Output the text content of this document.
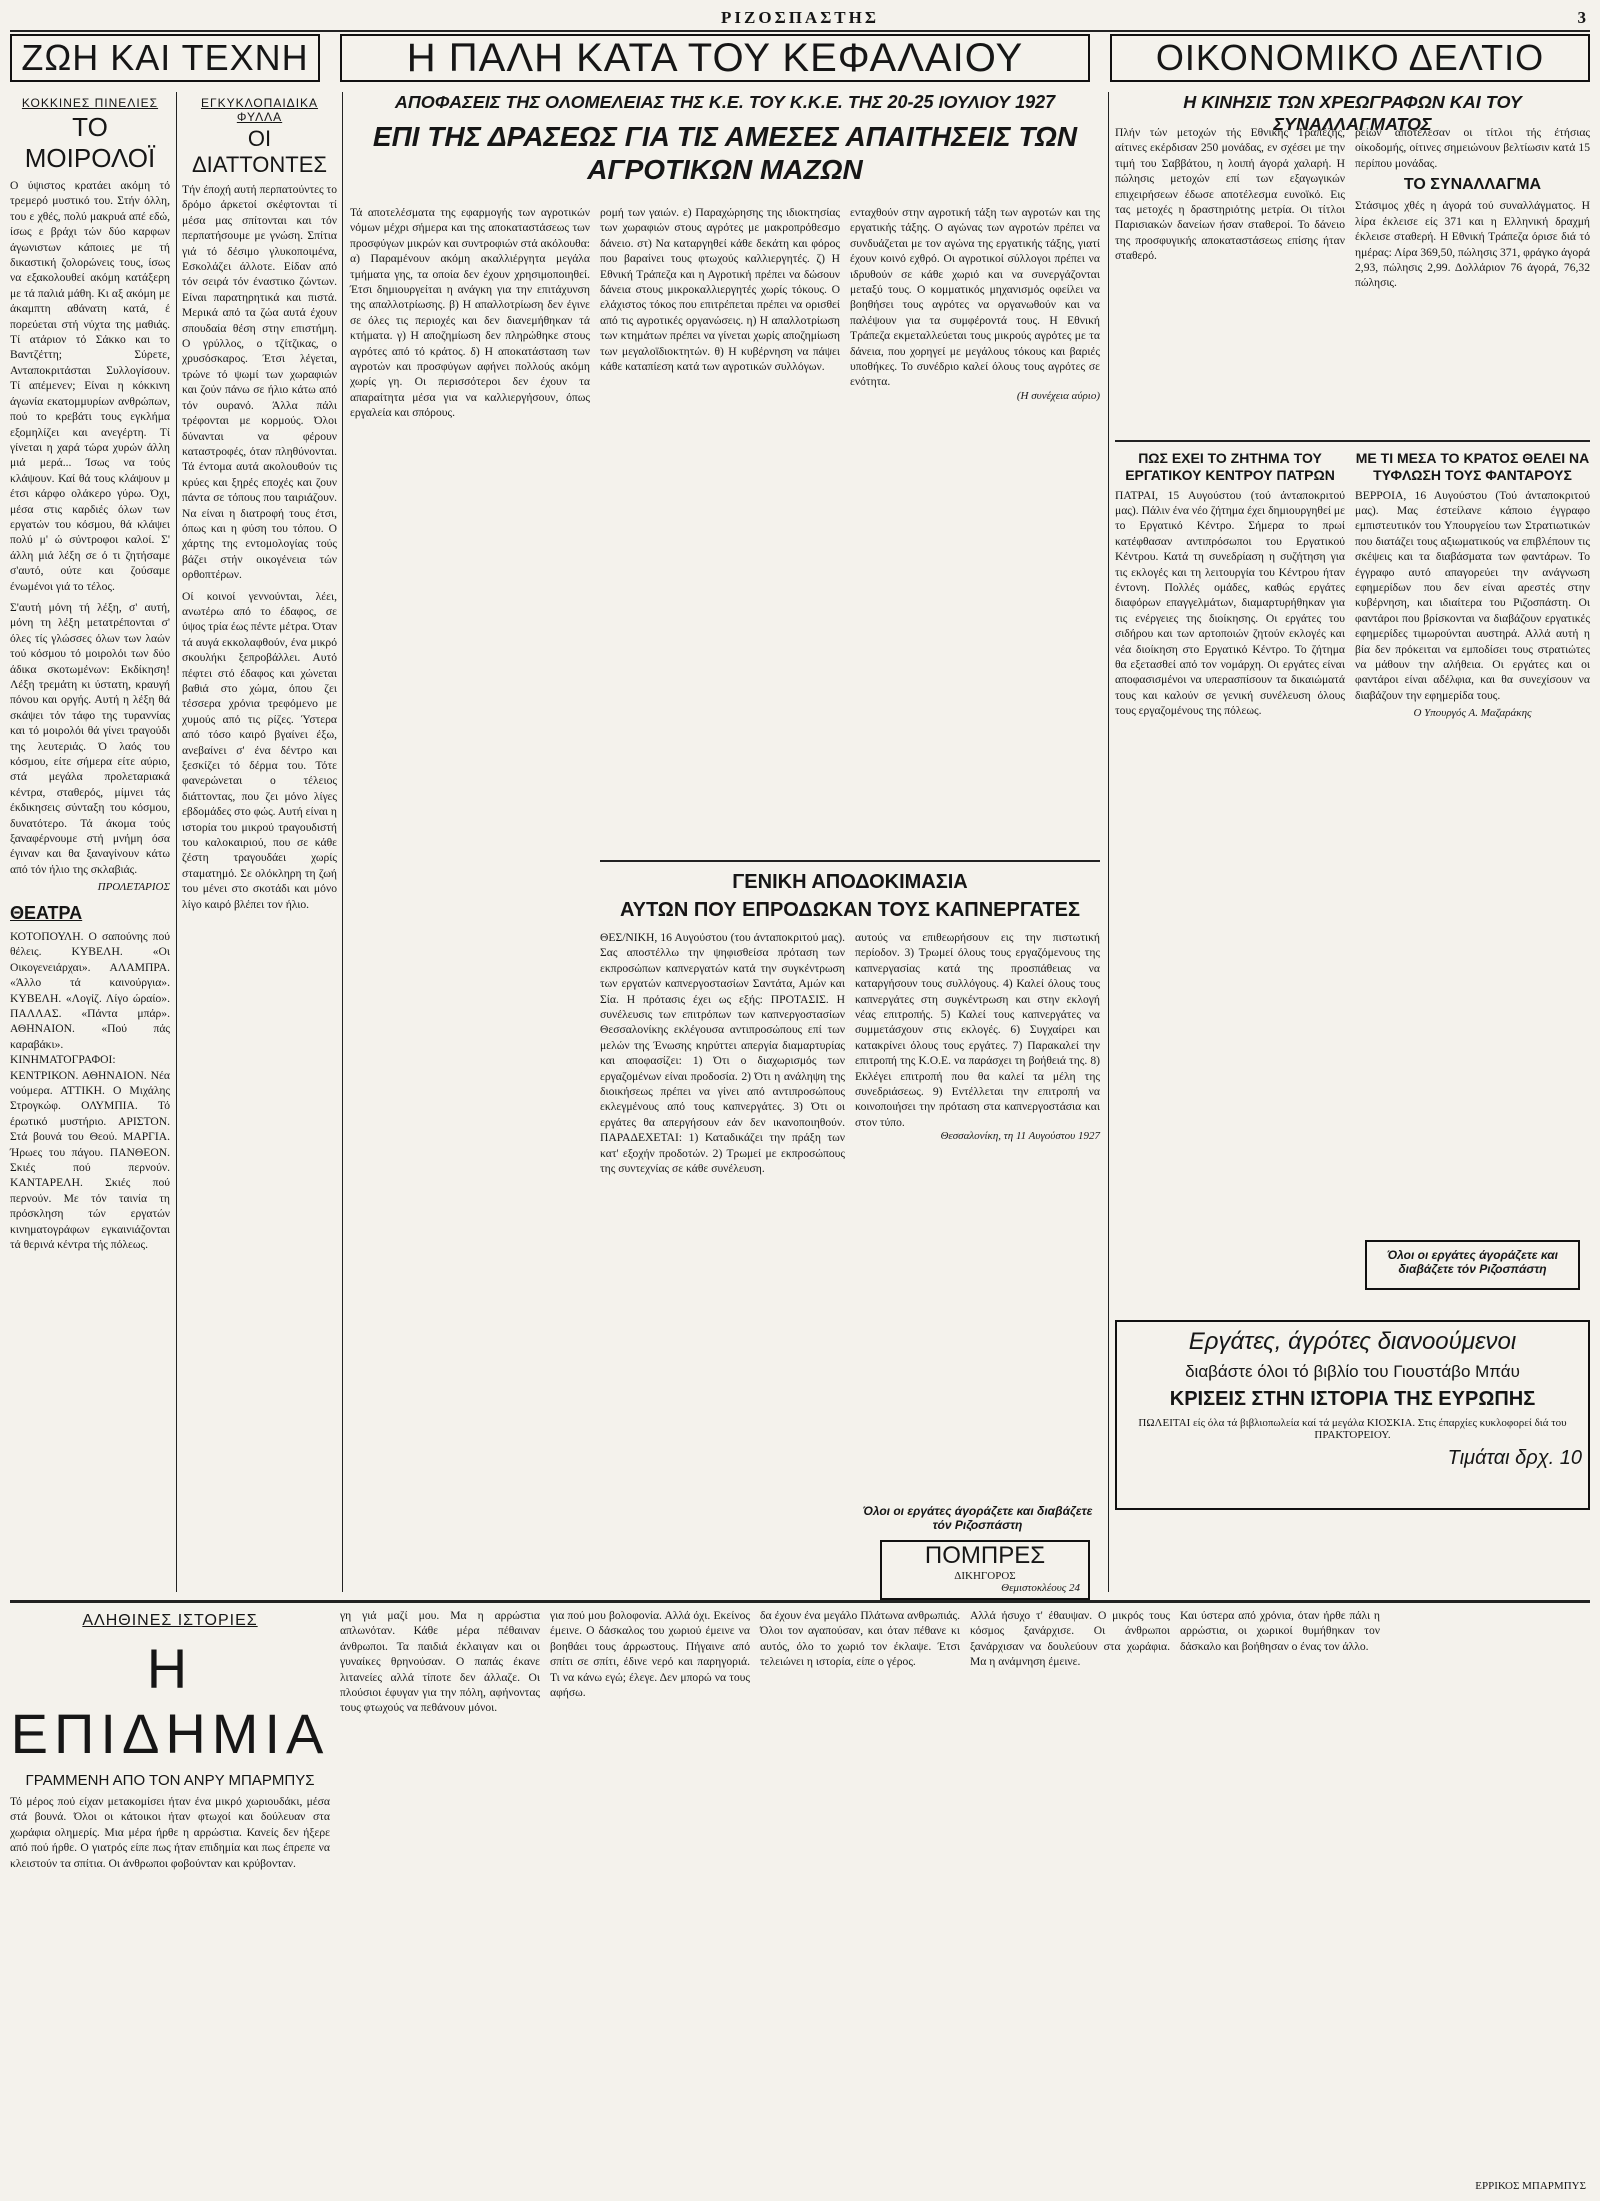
ΡΙΖΟΣΠΑΣΤΗΣ	3
ΖΩΗ ΚΑΙ ΤΕΧΝΗ	Η ΠΑΛΗ ΚΑΤΑ ΤΟΥ ΚΕΦΑΛΑΙΟΥ	ΟΙΚΟΝΟΜΙΚΟ ΔΕΛΤΙΟ
ΚΟΚΚΙΝΕΣ ΠΙΝΕΛΙΕΣ
ΤΟ ΜΟΙΡΟΛΟΪ
Ο ύψιστος κρατάει ακόμη τό τρεμερό μυστικό του. Στήν όλλη, του ε χθές, πολύ μακρυά απέ εδώ, ίσως ε βράχι τών δύο καρφων άγωνιστων κάποιες με τή δικαστική ζολορώνεις τους, ίσως να εξακολουθεί ακόμη κατάξερη με τά παλιά μάθη. Κι αξ ακόμη με άκαμπτη αθάνατη κατά, έ πορεύεται στή νύχτα της μαθιάς. Τί ατάριον τό Σάκκο και το Βαντζέττη; Σύρετε, Ανταποκριτάσται Συλλογίσουν. Τί απέμενεν; Είναι η κόκκινη άγωνία εκατομμυρίων ανθρώπων, πού το κρεβάτι τους εγκλήμα εξομηλίζει και ανεγέρτη. Τί γίνεται η χαρά τώρα χυρών άλλη μιά μερά... Ίσως να τούς κλάψουν. Καί θά τους κλάψουν μ έτσι κάρφο ολάκερο γύρω. Όχι, μέσα στις καρδιές όλων των εργατών του κόσμου, θά κλάψει πολύ μ' ώ σύντροφοι καλοί. Σ' άλλη μιά λέξη σε ό τι ζητήσαμε σ'αυτό, ούτε και ζούσαμε ένωμένοι γιά το τέλος.
Σ'αυτή μόνη τή λέξη, σ' αυτή, μόνη τη λέξη μετατρέπονται σ' όλες τίς γλώσσες όλων των λαών τού κόσμου τό μοιρολόι των δύο άδικα σκοτωμένων: Εκδίκηση! Λέξη τρεμάτη κι ύστατη, κραυγή πόνου και οργής. Αυτή η λέξη θά σκάψει τόν τάφο της τυραννίας και τό μοιρολόι θά γίνει τραγούδι της λευτεριάς. Ό λαός του κόσμου, είτε σήμερα είτε αύριο, στά μεγάλα προλεταριακά κέντρα, σταθερός, μίμνει τάς έκδικησεις σύνταξη του κόσμου, δυνατότερο. Τά άκομα τούς ξαναφέρνουμε στή μνήμη όσα έγιναν και θα ξαναγίνουν κάτω από τόν ήλιο της σκλαβιάς.
ΠΡΟΛΕΤΑΡΙΟΣ
ΘΕΑΤΡΑ
ΚΟΤΟΠΟΥΛΗ. Ο σαπούνης πού θέλεις. ΚΥΒΕΛΗ. «Οι Οικογενειάρχαι». ΑΛΑΜΠΡΑ. «Άλλο τά καινούργια». ΚΥΒΕΛΗ. «Λογίζ. Λίγο ώραίο». ΠΑΛΛΑΣ. «Πάντα μπάρ». ΑΘΗΝΑΙΟΝ. «Πού πάς καραβάκι». ΚΙΝΗΜΑΤΟΓΡΑΦΟΙ: ΚΕΝΤΡΙΚΟΝ. ΑΘΗΝΑΙΟΝ. Νέα νούμερα. ΑΤΤΙΚΗ. Ο Μιχάλης Στρογκώφ. ΟΛΥΜΠΙΑ. Τό έρωτικό μυστήριο. ΑΡΙΣΤΟΝ. Στά βουνά του Θεού. ΜΑΡΓΙΑ. Ήρωες του πάγου. ΠΑΝΘΕΟΝ. Σκιές πού περνούν. ΚΑΝΤΑΡΕΛΗ. Σκιές πού περνούν. Με τόν ταινία τη πρόσκληση τών εργατών κινηματογράφων εγκαινιάζονται τά θερινά κέντρα τής πόλεως.
ΕΓΚΥΚΛΟΠΑΙΔΙΚΑ ΦΥΛΛΑ
ΟΙ ΔΙΑΤΤΟΝΤΕΣ
Τήν έποχή αυτή περπατούντες το δρόμο άρκετοί σκέφτονται τί μέσα μας σπίτονται και τόν περπατήσουμε με γνώση. Σπίτια γιά τό δέσιμο γλυκοποιμένα, Εσκολάζει άλλοτε. Είδαν από τόν σειρά τόν έναστικο ζώντων. Είναι παρατηρητικά και πιστά. Μερικά από τα ζώα αυτά έχουν σπουδαία θέση στην επιστήμη. Ο γρύλλος, ο τζίτζικας, ο χρυσόσκαρος. Έτσι λέγεται, τρώνε τό ψωμί των χωραφιών και ζούν πάνω σε ήλιο κάτω από τόν ουρανό. Άλλα πάλι τρέφονται με κορμούς. Όλοι δύνανται να φέρουν καταστροφές, όταν πληθύνονται. Τά έντομα αυτά ακολουθούν τις κρύες και ξηρές εποχές και ζουν πάντα σε τόπους που ταιριάζουν. Να είναι η διατροφή τους έτσι, όπως και η φύση του τόπου. Ο χάρτης της εντομολογίας τούς βάζει στήν οικογένεια τών ορθοπτέρων.
Οί κοινοί γεννούνται, λέει, ανωτέρω από το έδαφος, σε ύψος τρία έως πέντε μέτρα. Όταν τά αυγά εκκολαφθούν, ένα μικρό σκουλήκι ξεπροβάλλει. Αυτό πέφτει στό έδαφος και χώνεται βαθιά στο χώμα, όπου ζει τέσσερα χρόνια τρεφόμενο με χυμούς από τις ρίζες. Ύστερα από τόσο καιρό βγαίνει έξω, ανεβαίνει σ' ένα δέντρο και ξεσκίζει τό δέρμα του. Τότε φανερώνεται ο τέλειος διάττοντας, που ζει μόνο λίγες εβδομάδες στο φώς. Αυτή είναι η ιστορία του μικρού τραγουδιστή του καλοκαιριού, που σε κάθε ζέστη τραγουδάει χωρίς σταματημό. Σε ολόκληρη τη ζωή του μένει στο σκοτάδι και μόνο λίγο καιρό βλέπει τον ήλιο.
ΑΠΟΦΑΣΕΙΣ ΤΗΣ ΟΛΟΜΕΛΕΙΑΣ ΤΗΣ Κ.Ε. ΤΟΥ Κ.Κ.Ε. ΤΗΣ 20-25 ΙΟΥΛΙΟΥ 1927
ΕΠΙ ΤΗΣ ΔΡΑΣΕΩΣ ΓΙΑ ΤΙΣ ΑΜΕΣΕΣ ΑΠΑΙΤΗΣΕΙΣ ΤΩΝ ΑΓΡΟΤΙΚΩΝ ΜΑΖΩΝ
Τά αποτελέσματα της εφαρμογής των αγροτικών νόμων μέχρι σήμερα και της αποκαταστάσεως των προσφύγων μικρών και συντροφιών στά ακόλουθα: α) Παραμένουν ακόμη ακαλλιέργητα μεγάλα τμήματα γης, τα οποία δεν έχουν χρησιμοποιηθεί. Έτσι δημιουργείται η ανάγκη για την επιτάχυνση της απαλλοτρίωσης. β) Η απαλλοτρίωση δεν έγινε σε όλες τις περιοχές και δεν διανεμήθηκαν τά κτήματα. γ) Η αποζημίωση δεν πληρώθηκε στους αγρότες από τό κράτος. δ) Η αποκατάσταση των αγροτών και προσφύγων αφήνει πολλούς ακόμη χωρίς γη. Οι περισσότεροι δεν έχουν τα απαραίτητα μέσα για να καλλιεργήσουν, όπως εργαλεία και σπόρους.
ρομή των γαιών. ε) Παραχώρησης της ιδιοκτησίας των χωραφιών στους αγρότες με μακροπρόθεσμο δάνειο. στ) Να καταργηθεί κάθε δεκάτη και φόρος που βαραίνει τους φτωχούς καλλιεργητές. ζ) Η Εθνική Τράπεζα και η Αγροτική πρέπει να δώσουν δάνεια στους μικροκαλλιεργητές χωρίς τόκους. Ο ελάχιστος τόκος που επιτρέπεται πρέπει να ορισθεί από τις αγροτικές οργανώσεις. η) Η απαλλοτρίωση των κτημάτων πρέπει να γίνεται χωρίς αποζημίωση των μεγαλοϊδιοκτητών. θ) Η κυβέρνηση να πάψει κάθε καταπίεση κατά των αγροτικών συλλόγων.
ενταχθούν στην αγροτική τάξη των αγροτών και της εργατικής τάξης. Ο αγώνας των αγροτών πρέπει να συνδυάζεται με τον αγώνα της εργατικής τάξης, γιατί έχουν κοινό εχθρό. Οι αγροτικοί σύλλογοι πρέπει να ιδρυθούν σε κάθε χωριό και να συνεργάζονται μεταξύ τους. Ο κομματικός μηχανισμός οφείλει να βοηθήσει τους αγρότες να οργανωθούν και να παλέψουν για τα συμφέροντά τους. Η Εθνική Τράπεζα εκμεταλλεύεται τους μικρούς αγρότες με τα δάνεια, που χορηγεί με μεγάλους τόκους και βαριές υποθήκες. Το συνέδριο καλεί όλους τους αγρότες σε ενότητα.
(Η συνέχεια αύριο)
ΓΕΝΙΚΗ ΑΠΟΔΟΚΙΜΑΣΙΑ
ΑΥΤΩΝ ΠΟΥ ΕΠΡΟΔΩΚΑΝ ΤΟΥΣ ΚΑΠΝΕΡΓΑΤΕΣ
ΘΕΣ/ΝΙΚΗ, 16 Αυγούστου (του άνταποκριτού μας). Σας αποστέλλω την ψηφισθείσα πρόταση των εκπροσώπων καπνεργατών κατά την συγκέντρωση των εργατών καπνεργοστασίων Σαντάτα, Αμών και Σία. Η πρότασις έχει ως εξής: ΠΡΟΤΑΣΙΣ. Η συνέλευσις των επιτρόπων των καπνεργοστασίων Θεσσαλονίκης εκλέγουσα αντιπροσώπους επί των μελών της Ένωσης κηρύττει απεργία διαμαρτυρίας και αποφασίζει: 1) Ότι ο διαχωρισμός των εργαζομένων είναι προδοσία. 2) Ότι η ανάληψη της διοικήσεως πρέπει να γίνει από αντιπροσώπους εκλεγμένους από τους καπνεργάτες. 3) Ότι οι εργάτες θα απεργήσουν εάν δεν ικανοποιηθούν. ΠΑΡΑΔΕΧΕΤΑΙ: 1) Καταδικάζει την πράξη των κατ' εξοχήν προδοτών. 2) Τρωμεί με εκπροσώπους της συντεχνίας σε κάθε συνέλευση.
αυτούς να επιθεωρήσουν εις την πιστωτική περίοδον. 3) Τρωμεί όλους τους εργαζόμενους της καπνεργασίας κατά της προσπάθειας να καταργήσουν τους συλλόγους. 4) Καλεί όλους τους καπνεργάτες στη συγκέντρωση και στην εκλογή νέας επιτροπής. 5) Καλεί τους καπνεργάτες να συμμετάσχουν στις εκλογές. 6) Συγχαίρει και κατακρίνει όλους τους εργάτες. 7) Παρακαλεί την επιτροπή της Κ.Ο.Ε. να παράσχει τη βοήθειά της. 8) Εκλέγει επιτροπή που θα καλεί τα μέλη της συνεδριάσεως. 9) Εντέλλεται την επιτροπή να κοινοποιήσει την πρόταση στα καπνεργοστάσια και στον τύπο.
Θεσσαλονίκη, τη 11 Αυγούστου 1927
Όλοι οι εργάτες άγοράζετε και διαβάζετε τόν Ριζοσπάστη
ΠΟΜΠΡΕΣ
ΔΙΚΗΓΟΡΟΣ
Θεμιστοκλέους 24
Η ΚΙΝΗΣΙΣ ΤΩΝ ΧΡΕΩΓΡΑΦΩΝ ΚΑΙ ΤΟΥ ΣΥΝΑΛΛΑΓΜΑΤΟΣ
Πλήν τών μετοχών τής Εθνικής Τραπέζης, αίτινες εκέρδισαν 250 μονάδας, εν σχέσει με την τιμή του Σαββάτου, η λοιπή άγορά χαλαρή. Η πώλησις μετοχών επί των εξαγωγικών επιχειρήσεων έδωσε αποτέλεσμα ευνοϊκό. Εις τας μετοχές η δραστηριότης μετρία. Οι τίτλοι Παρισιακών δανείων ήσαν σταθεροί. Το δάνειο της προσφυγικής αποκαταστάσεως επίσης ήταν σταθερό.
ρείων αποτέλεσαν οι τίτλοι τής έτήσιας οίκοδομής, οίτινες σημειώνουν βελτίωσιν κατά 15 περίπου μονάδας.
ΤΟ ΣΥΝΑΛΛΑΓΜΑ
Στάσιμος χθές η άγορά τού συναλλάγματος. Η λίρα έκλεισε είς 371 και η Ελληνική δραχμή έκλεισε σταθερή. Η Εθνική Τράπεζα όρισε διά τό ημέρας: Λίρα 369,50, πώλησις 371, φράγκο άγορά 2,93, πώλησις 2,99. Δολλάριον 76 άγορά, 76,32 πώλησις.
ΠΩΣ ΕΧΕΙ ΤΟ ΖΗΤΗΜΑ ΤΟΥ ΕΡΓΑΤΙΚΟΥ ΚΕΝΤΡΟΥ ΠΑΤΡΩΝ
ΠΑΤΡΑΙ, 15 Αυγούστου (τού άνταποκριτού μας). Πάλιν ένα νέο ζήτημα έχει δημιουργηθεί με το Εργατικό Κέντρο. Σήμερα το πρωί κατέφθασαν αντιπρόσωποι του Εργατικού Κέντρου. Κατά τη συνεδρίαση η συζήτηση για τις εκλογές και τη λειτουργία του Κέντρου ήταν έντονη. Πολλές ομάδες, καθώς εργάτες διαφόρων επαγγελμάτων, διαμαρτυρήθηκαν για τις ενέργειες της διοίκησης. Οι εργάτες του σιδήρου και των αρτοποιών ζητούν εκλογές και νέα διοίκηση στο Εργατικό Κέντρο. Το ζήτημα θα εξετασθεί από τον νομάρχη. Οι εργάτες είναι αποφασισμένοι να υπερασπίσουν τα δικαιώματά τους και καλούν σε γενική συνέλευση όλους τους εργαζομένους της πόλεως.
ΜΕ ΤΙ ΜΕΣΑ ΤΟ ΚΡΑΤΟΣ ΘΕΛΕΙ ΝΑ ΤΥΦΛΩΣΗ ΤΟΥΣ ΦΑΝΤΑΡΟΥΣ
ΒΕΡΡΟΙΑ, 16 Αυγούστου (Τού άνταποκριτού μας). Μας έστείλανε κάποιο έγγραφο εμπιστευτικόν του Υπουργείου των Στρατιωτικών που διατάζει τους αξιωματικούς να επιβλέπουν τις σκέψεις και τα διαβάσματα των φαντάρων. Το έγγραφο αυτό απαγορεύει την ανάγνωση εφημερίδων που δεν είναι αρεστές στην κυβέρνηση, και ιδιαίτερα του Ριζοσπάστη. Οι φαντάροι που βρίσκονται να διαβάζουν εργατικές εφημερίδες τιμωρούνται αυστηρά. Αλλά αυτή η βία δεν πρόκειται να εμποδίσει τους στρατιώτες να μάθουν την αλήθεια. Οι εργάτες και οι φαντάροι είναι αδέλφια, και θα συνεχίσουν να διαβάζουν την εφημερίδα τους.
Ο Υπουργός Α. Μαζαράκης
Όλοι οι εργάτες άγοράζετε και διαβάζετε τόν Ριζοσπάστη
Εργάτες, άγρότες διανοούμενοι
διαβάστε όλοι τό βιβλίο του Γιουστάβο Μπάυ
ΚΡΙΣΕΙΣ ΣΤΗΝ ΙΣΤΟΡΙΑ ΤΗΣ ΕΥΡΩΠΗΣ
ΠΩΛΕΙΤΑΙ είς όλα τά βιβλιοπωλεία καί τά μεγάλα ΚΙΟΣΚΙΑ. Στις έπαρχίες κυκλοφορεί διά του ΠΡΑΚΤΟΡΕΙΟΥ.
Τιμάται δρχ. 10
ΑΛΗΘΙΝΕΣ ΙΣΤΟΡΙΕΣ
Η ΕΠΙΔΗΜΙΑ
ΓΡΑΜΜΕΝΗ ΑΠΟ ΤΟΝ ΑΝΡΥ ΜΠΑΡΜΠΥΣ
Τό μέρος πού είχαν μετακομίσει ήταν ένα μικρό χωριουδάκι, μέσα στά βουνά. Όλοι οι κάτοικοι ήταν φτωχοί και δούλευαν στα χωράφια ολημερίς. Μια μέρα ήρθε η αρρώστια. Κανείς δεν ήξερε από πού ήρθε. Ο γιατρός είπε πως ήταν επιδημία και πως έπρεπε να κλειστούν τα σπίτια. Οι άνθρωποι φοβούνταν και κρύβονταν.
γη γιά μαζί μου. Μα η αρρώστια απλωνόταν. Κάθε μέρα πέθαιναν άνθρωποι. Τα παιδιά έκλαιγαν και οι γυναίκες θρηνούσαν. Ο παπάς έκανε λιτανείες αλλά τίποτε δεν άλλαζε. Οι πλούσιοι έφυγαν για την πόλη, αφήνοντας τους φτωχούς να πεθάνουν μόνοι.
για πού μου βολοφονία. Αλλά όχι. Εκείνος έμεινε. Ο δάσκαλος του χωριού έμεινε να βοηθάει τους άρρωστους. Πήγαινε από σπίτι σε σπίτι, έδινε νερό και παρηγοριά. Τι να κάνω εγώ; έλεγε. Δεν μπορώ να τους αφήσω.
δα έχουν ένα μεγάλο Πλάτωνα ανθρωπιάς. Όλοι τον αγαπούσαν, και όταν πέθανε κι αυτός, όλο το χωριό τον έκλαψε. Έτσι τελειώνει η ιστορία, είπε ο γέρος.
Αλλά ήσυχο τ' έθαυψαν. Ο μικρός τους κόσμος ξανάρχισε. Οι άνθρωποι ξανάρχισαν να δουλεύουν στα χωράφια. Μα η ανάμνηση έμεινε.
Και ύστερα από χρόνια, όταν ήρθε πάλι η αρρώστια, οι χωρικοί θυμήθηκαν τον δάσκαλο και βοήθησαν ο ένας τον άλλο.
ΕΡΡΙΚΟΣ ΜΠΑΡΜΠΥΣ
